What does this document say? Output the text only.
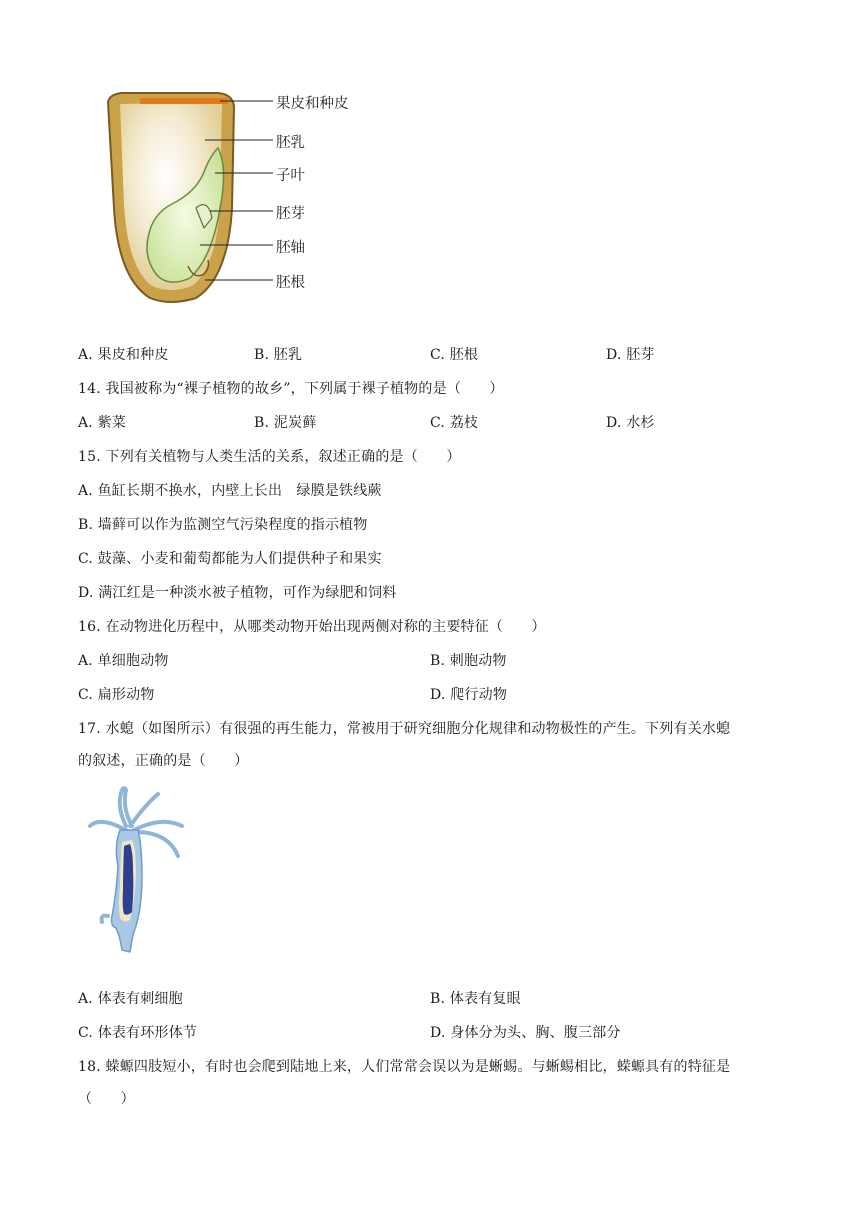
果皮和种皮
胚乳
子叶
胚芽
胚轴
胚根
A. 果皮和种皮	B. 胚乳	C. 胚根	D. 胚芽
14. 我国被称为“裸子植物的故乡”，下列属于裸子植物的是（　　）
A. 紫菜	B. 泥炭藓	C. 荔枝	D. 水杉
15. 下列有关植物与人类生活的关系，叙述正确的是（　　）
A. 鱼缸长期不换水，内壁上长出　绿膜是铁线蕨
B. 墙藓可以作为监测空气污染程度的指示植物
C. 鼓藻、小麦和葡萄都能为人们提供种子和果实
D. 满江红是一种淡水被子植物，可作为绿肥和饲料
16. 在动物进化历程中，从哪类动物开始出现两侧对称的主要特征（　　）
A. 单细胞动物	B. 刺胞动物
C. 扁形动物	D. 爬行动物
17. 水螅（如图所示）有很强的再生能力，常被用于研究细胞分化规律和动物极性的产生。下列有关水螅
的叙述，正确的是（　　）
A. 体表有刺细胞	B. 体表有复眼
C. 体表有环形体节	D. 身体分为头、胸、腹三部分
18. 蝾螈四肢短小，有时也会爬到陆地上来，人们常常会误以为是蜥蜴。与蜥蜴相比，蝾螈具有的特征是
（　　）
